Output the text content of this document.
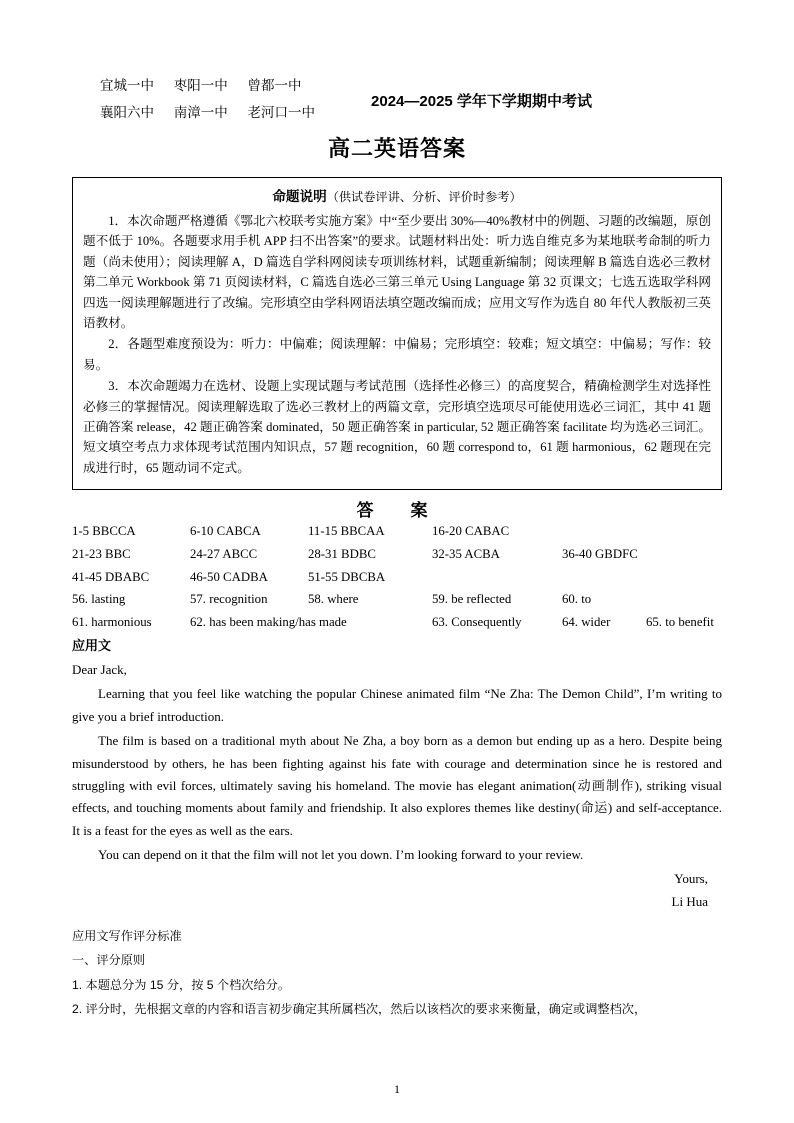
宜城一中 枣阳一中 曾都一中
襄阳六中 南漳一中 老河口一中
2024—2025 学年下学期期中考试
高二英语答案
命题说明（供试卷评讲、分析、评价时参考）

1．本次命题严格遵循《鄂北六校联考实施方案》中“至少要出 30%—40%教材中的例题、习题的改编题，原创题不低于 10%。各题要求用手机 APP 扫不出答案”的要求。试题材料出处：听力选自维克多为某地联考命制的听力题（尚未使用）；阅读理解 A，D 篇选自学科网阅读专项训练材料，试题重新编制；阅读理解 B 篇选自选必三教材第二单元 Workbook 第 71 页阅读材料，C 篇选自选必三第三单元 Using Language 第 32 页课文；七选五选取学科网四选一阅读理解题进行了改编。完形填空由学科网语法填空题改编而成；应用文写作为选自 80 年代人教版初三英语教材。

2．各题型难度预设为：听力：中偏难；阅读理解：中偏易；完形填空：较难；短文填空：中偏易；写作：较易。

3．本次命题竭力在选材、设题上实现试题与考试范围（选择性必修三）的高度契合，精确检测学生对选择性必修三的掌握情况。阅读理解选取了选必三教材上的两篇文章，完形填空选项尽可能使用选必三词汇，其中 41 题正确答案 release，42 题正确答案 dominated，50 题正确答案 in particular, 52 题正确答案 facilitate 均为选必三词汇。短文填空考点力求体现考试范围内知识点，57 题 recognition，60 题 correspond to，61 题 harmonious，62 题现在完成进行时，65 题动词不定式。

答　案
1-5 BBCCA	6-10 CABCA	11-15 BBCAA	16-20 CABAC
21-23 BBC	24-27 ABCC	28-31 BDBC	32-35 ACBA	36-40 GBDFC
41-45 DBABC	46-50 CADBA	51-55 DBCBA
56. lasting	57. recognition	58. where	59. be reflected	60. to
61. harmonious	62. has been making/has made	63. Consequently	64. wider	65. to benefit
应用文

Dear Jack,

Learning that you feel like watching the popular Chinese animated film “Ne Zha: The Demon Child”, I’m writing to give you a brief introduction.

The film is based on a traditional myth about Ne Zha, a boy born as a demon but ending up as a hero. Despite being misunderstood by others, he has been fighting against his fate with courage and determination since he is restored and struggling with evil forces, ultimately saving his homeland. The movie has elegant animation(动画制作), striking visual effects, and touching moments about family and friendship. It also explores themes like destiny(命运) and self-acceptance. It is a feast for the eyes as well as the ears.

You can depend on it that the film will not let you down. I’m looking forward to your review.

Yours,
Li Hua
应用文写作评分标准
一、评分原则
1. 本题总分为 15 分，按 5 个档次给分。
2. 评分时，先根据文章的内容和语言初步确定其所属档次，然后以该档次的要求来衡量，确定或调整档次，
1
